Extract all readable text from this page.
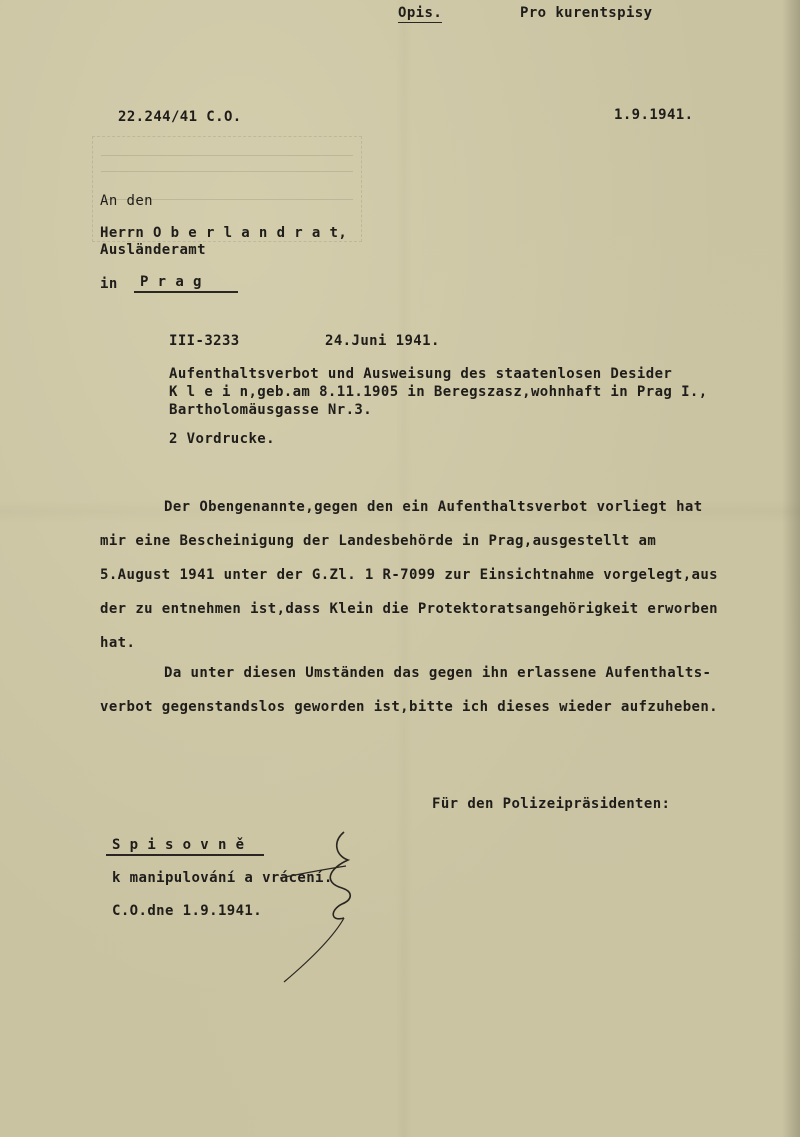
Opis.	Pro kurentspisy
22.244/41 C.O.	1.9.1941.
An den
Herrn O b e r l a n d r a t,
Ausländeramt
in P r a g
III-3233	24.Juni 1941.
Aufenthaltsverbot und Ausweisung des staatenlosen Desider
K l e i n,geb.am 8.11.1905 in Beregszasz,wohnhaft in Prag I.,
Bartholomäusgasse Nr.3.
2 Vordrucke.
Der Obengenannte,gegen den ein Aufenthaltsverbot vorliegt hat
mir eine Bescheinigung der Landesbehörde in Prag,ausgestellt am
5.August 1941 unter der G.Zl. 1 R-7099 zur Einsichtnahme vorgelegt,aus
der zu entnehmen ist,dass Klein die Protektoratsangehörigkeit erworben
hat.
Da unter diesen Umständen das gegen ihn erlassene Aufenthalts-
verbot gegenstandslos geworden ist,bitte ich dieses wieder aufzuheben.
Für den Polizeipräsidenten:
S p i s o v n ě
k manipulování a vrácení.
C.O.dne 1.9.1941.
